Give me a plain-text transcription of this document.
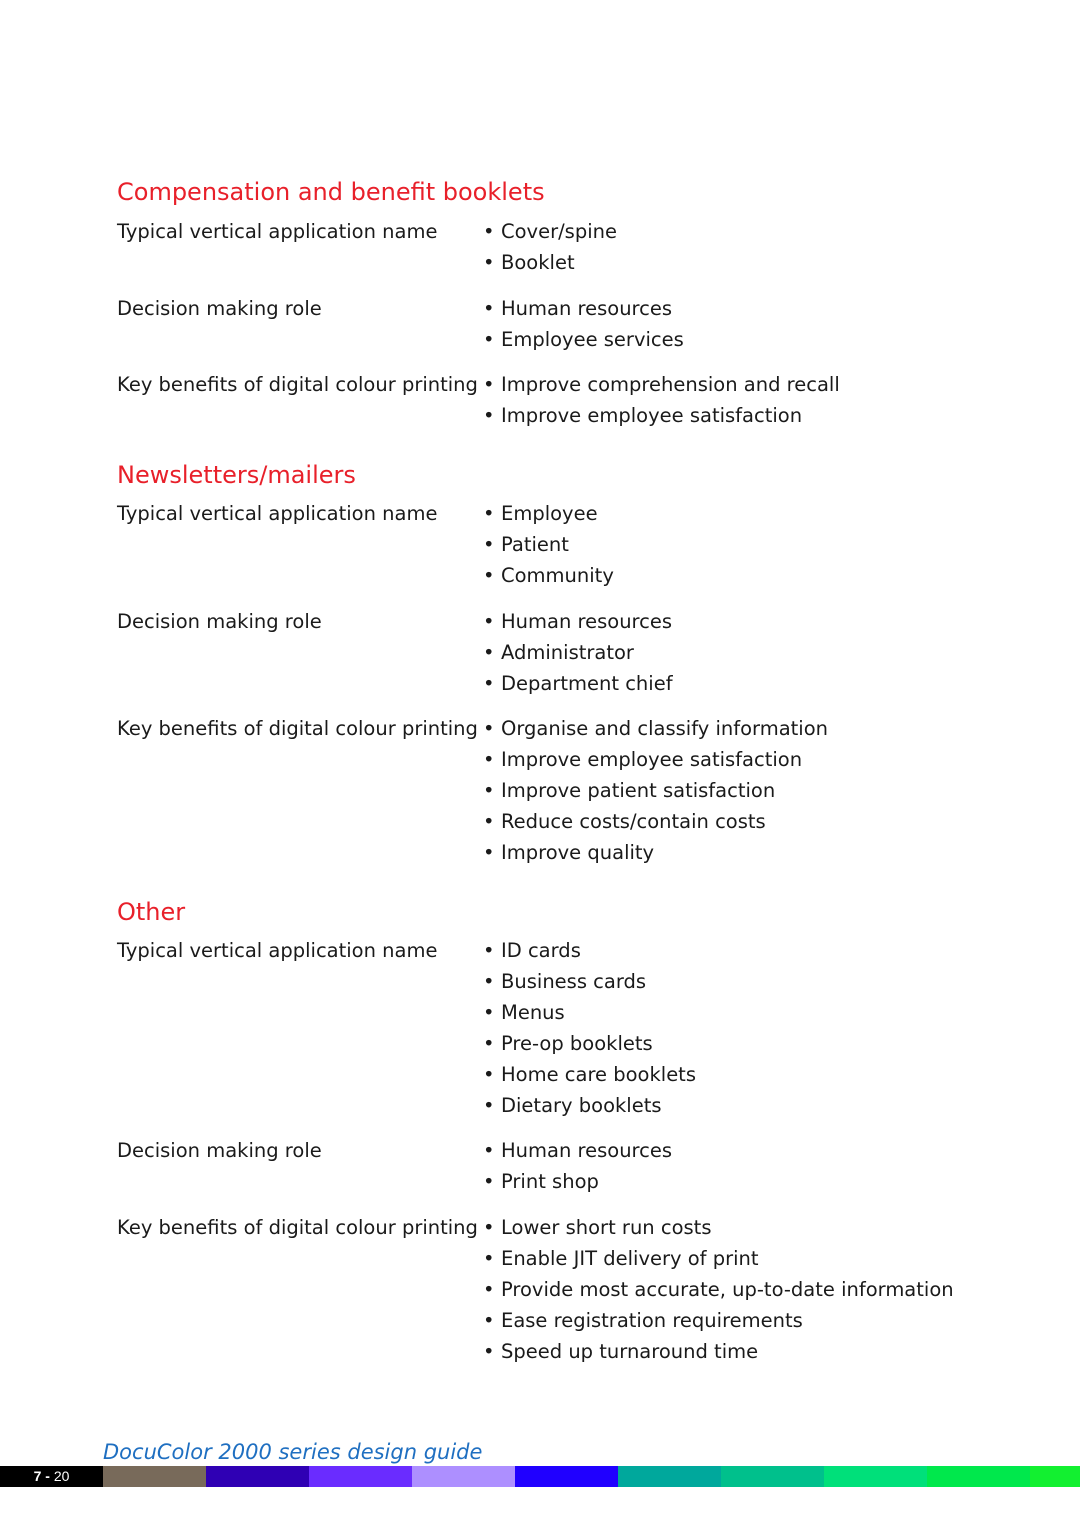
Compensation and benefit booklets
Typical vertical application name • Cover/spine
• Booklet
Decision making role	• Human resources
• Employee services
Key benefits of digital colour printing • Improve comprehension and recall
• Improve employee satisfaction
Newsletters/mailers
Typical vertical application name • Employee
• Patient
• Community
Decision making role	• Human resources
• Administrator
• Department chief
Key benefits of digital colour printing • Organise and classify information
• Improve employee satisfaction
• Improve patient satisfaction
• Reduce costs/contain costs
• Improve quality
Other
Typical vertical application name • ID cards
• Business cards
• Menus
• Pre-op booklets
• Home care booklets
• Dietary booklets
Decision making role	• Human resources
• Print shop
Key benefits of digital colour printing • Lower short run costs
• Enable JIT delivery of print
• Provide most accurate, up-to-date information
• Ease registration requirements
• Speed up turnaround time
DocuColor 2000 series design guide
7 - 20
